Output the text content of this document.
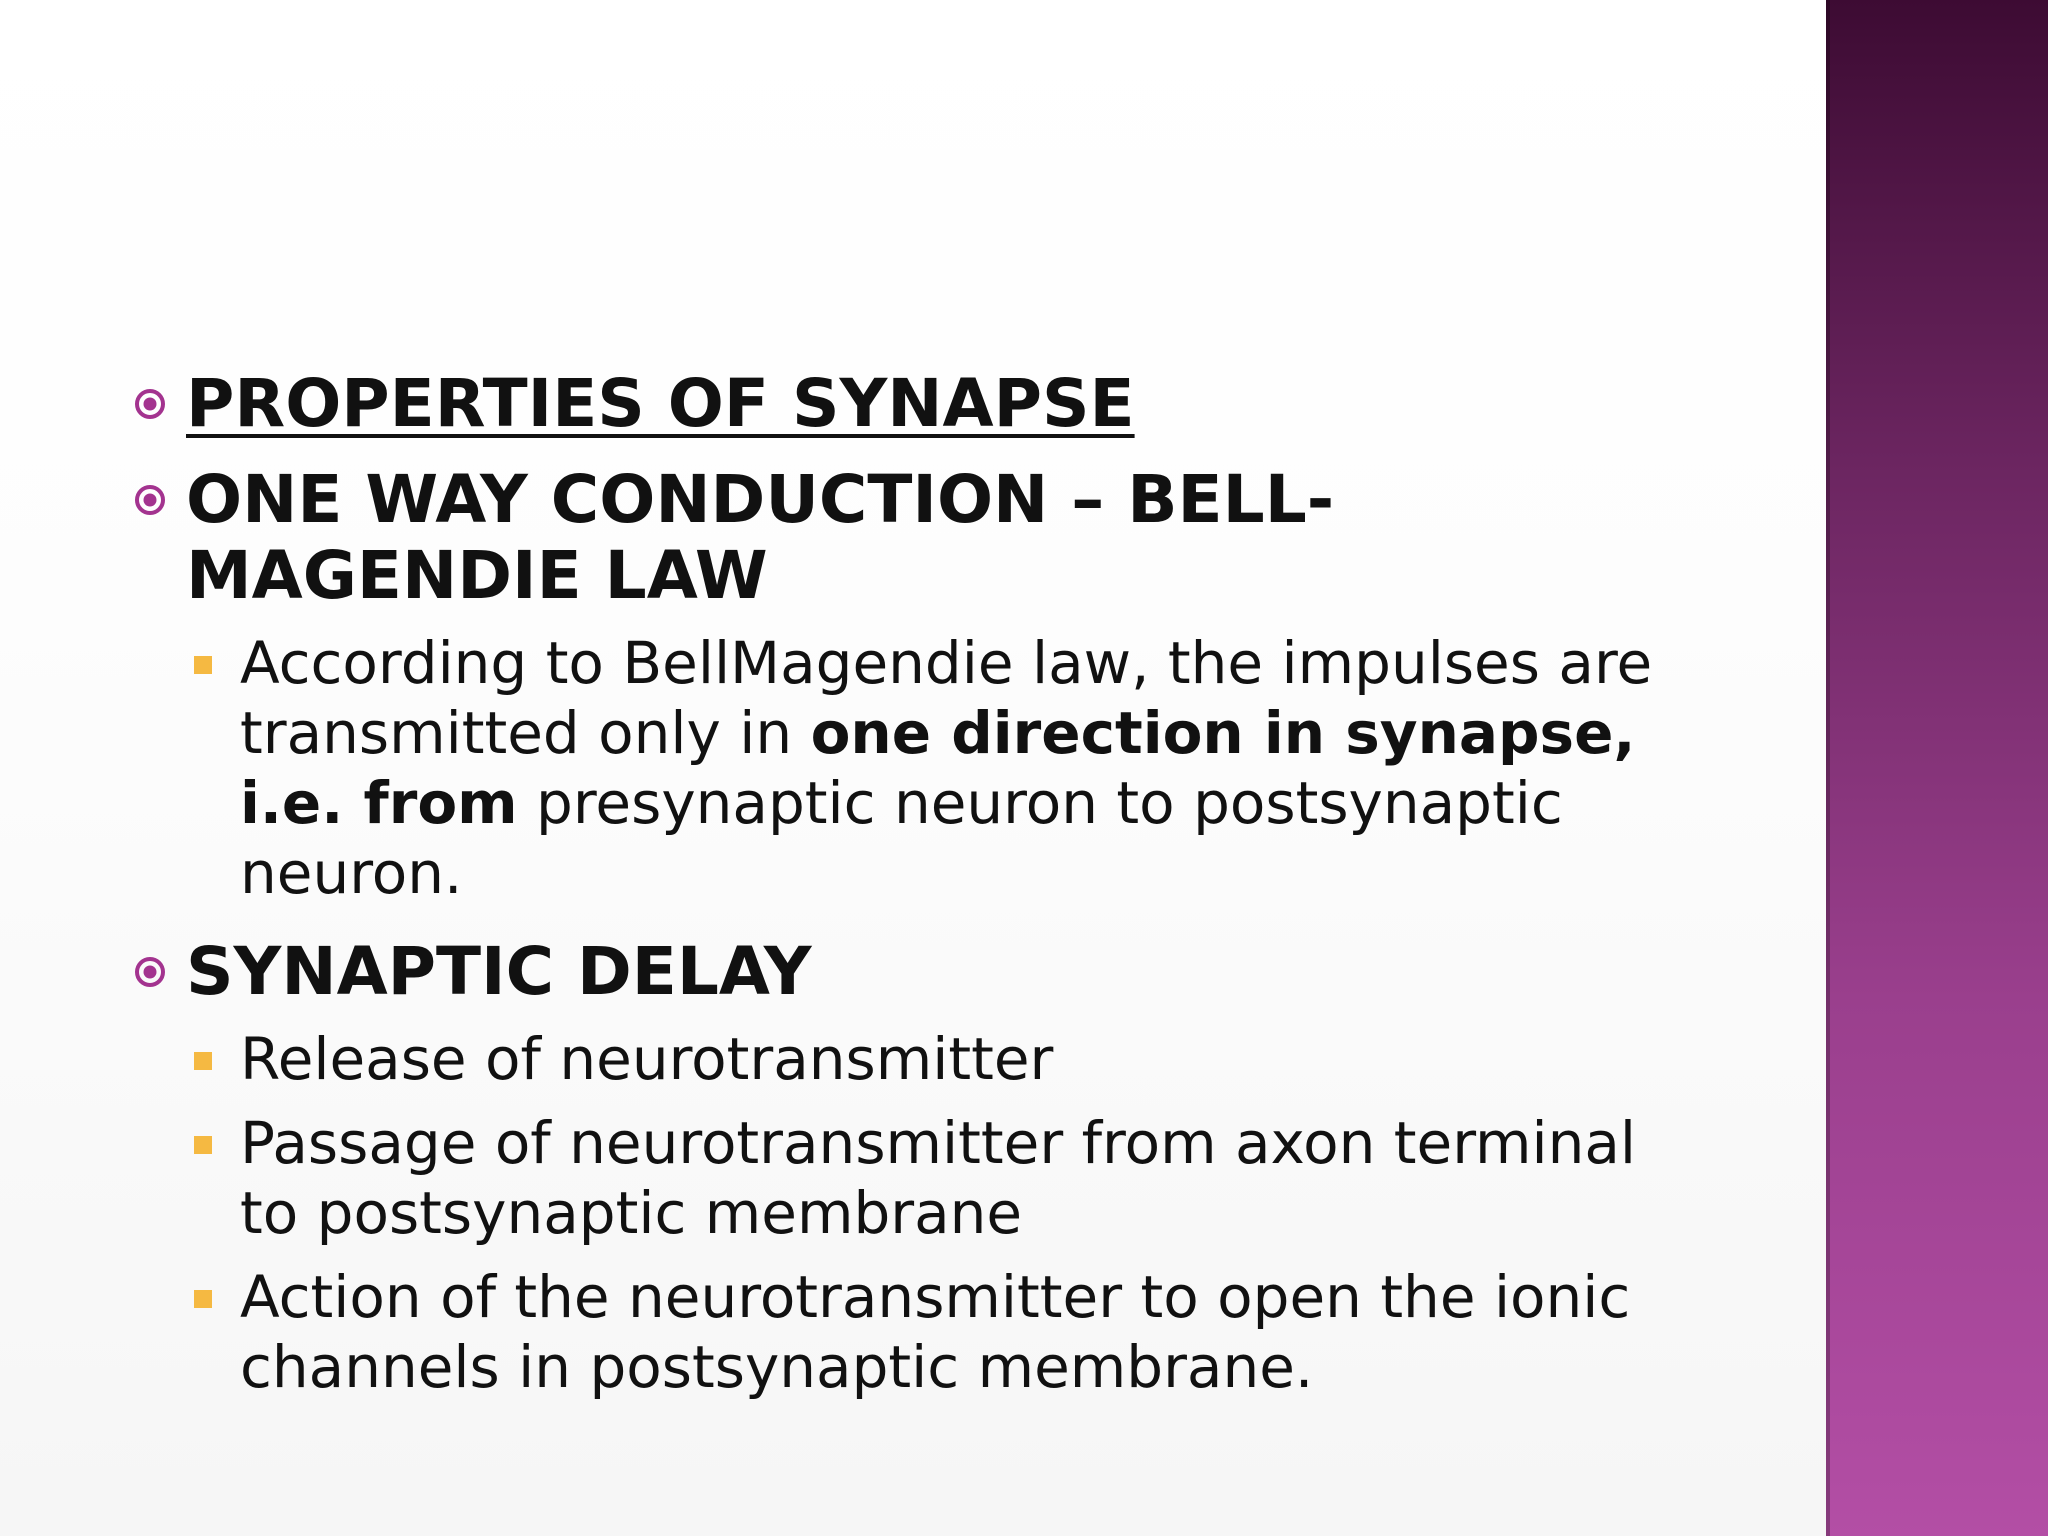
PROPERTIES OF SYNAPSE

ONE WAY CONDUCTION – BELL-MAGENDIE LAW

According to BellMagendie law, the impulses are transmitted only in one direction in synapse, i.e. from presynaptic neuron to postsynaptic neuron.

SYNAPTIC DELAY

Release of neurotransmitter
Passage of neurotransmitter from axon terminal to postsynaptic membrane
Action of the neurotransmitter to open the ionic channels in postsynaptic membrane.
